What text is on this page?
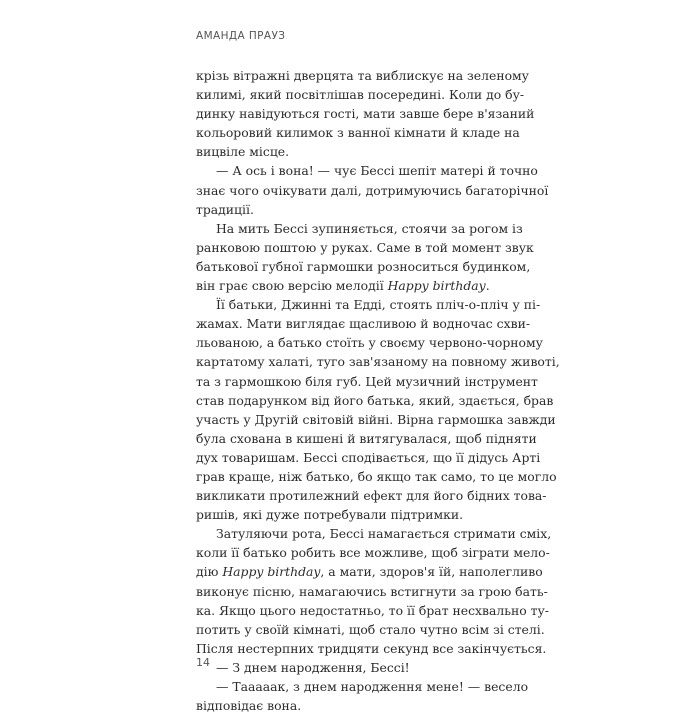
АМАНДА ПРАУЗ
крізь вітражні дверцята та виблискує на зеленому
килимі, який посвітлішав посередині. Коли до бу-
динку навідуються гості, мати завше бере в'язаний
кольоровий килимок з ванної кімнати й кладе на
вицвіле місце.
— А ось і вона! — чує Бессі шепіт матері й точно
знає чого очікувати далі, дотримуючись багаторічної
традиції.
На мить Бессі зупиняється, стоячи за рогом із
ранковою поштою у руках. Саме в той момент звук
батькової губної гармошки розноситься будинком,
він грає свою версію мелодії Happy birthday.
Її батьки, Джинні та Едді, стоять пліч-о-пліч у пі-
жамах. Мати виглядає щасливою й водночас схви-
льованою, а батько стоїть у своєму червоно-чорному
картатому халаті, туго зав'язаному на повному животі,
та з гармошкою біля губ. Цей музичний інструмент
став подарунком від його батька, який, здається, брав
участь у Другій світовій війні. Вірна гармошка завжди
була схована в кишені й витягувалася, щоб підняти
дух товаришам. Бессі сподівається, що її дідусь Арті
грав краще, ніж батько, бо якщо так само, то це могло
викликати протилежний ефект для його бідних това-
ришів, які дуже потребували підтримки.
Затуляючи рота, Бессі намагається стримати сміх,
коли її батько робить все можливе, щоб зіграти мело-
дію Happy birthday, а мати, здоров'я їй, наполегливо
виконує пісню, намагаючись встигнути за грою бать-
ка. Якщо цього недостатньо, то її брат несхвально ту-
потить у своїй кімнаті, щоб стало чутно всім зі стелі.
Після нестерпних тридцяти секунд все закінчується.
— З днем народження, Бессі!
— Тааааак, з днем народження мене! — весело
відповідає вона.
14
